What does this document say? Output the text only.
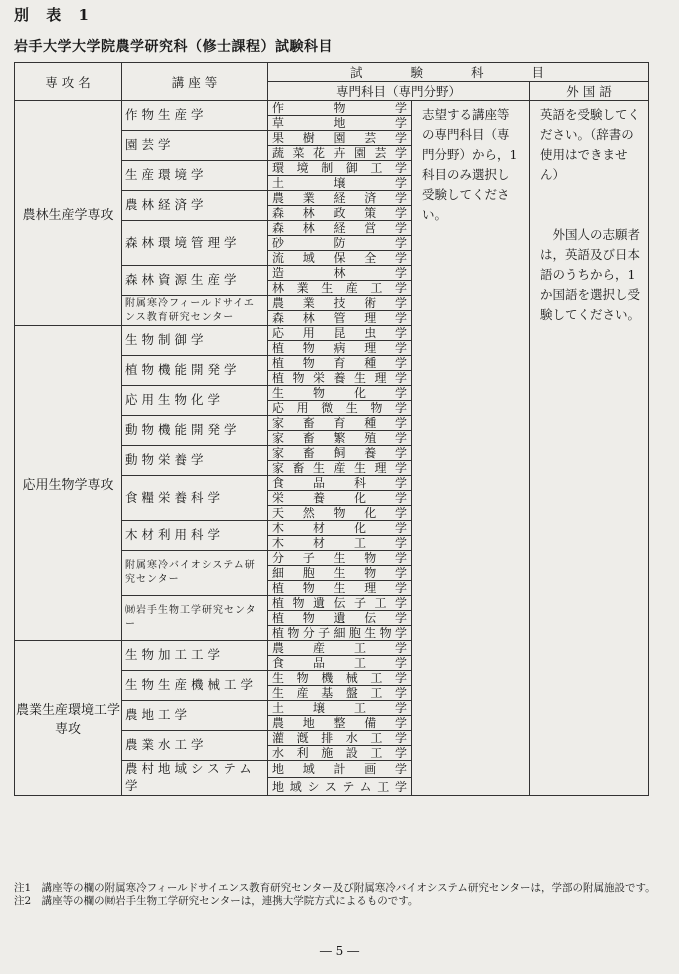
別 表 1
岩手大学大学院農学研究科（修士課程）試験科目
専 攻 名	講 座 等	試 験 科 目		
		専門科目（専門分野）		外 国 語
農林生産学専攻	作物生産学	作物学	志望する講座等の専門科目（専門分野）から，1科目のみ選択し受験してください。	英語を受験してください。（辞書の使用はできません）

外国人の志願者は，英語及び日本語のうちから，1か国語を選択し受験してください。

		草地学		
	園芸学	果樹園芸学		
		蔬菜花卉園芸学		
	生産環境学	環境制御工学		
		土壌学		
	農林経済学	農業経済学		
		森林政策学		
	森林環境管理学	森林経営学		
		砂防学		
		流域保全学		
	森林資源生産学	造林学		
		林業生産工学		
	附属寒冷フィールドサイエンス教育研究センター	農業技術学		
		森林管理学		
応用生物学専攻	生物制御学	応用昆虫学		
		植物病理学		
	植物機能開発学	植物育種学		
		植物栄養生理学		
	応用生物化学	生物化学		
		応用微生物学		
	動物機能開発学	家畜育種学		
		家畜繁殖学		
	動物栄養学	家畜飼養学		
		家畜生産生理学		
	食糧栄養科学	食品科学		
		栄養化学		
		天然物化学		
	木材利用科学	木材化学		
		木材工学		
	附属寒冷バイオシステム研究センター	分子生物学		
		細胞生物学		
		植物生理学		
	㈶岩手生物工学研究センター	植物遺伝子工学		
		植物遺伝学		
		植物分子細胞生物学		
農業生産環境工学専攻	生物加工工学	農産工学		
		食品工学		
	生物生産機械工学	生物機械工学		
		生産基盤工学		
	農地工学	土壌工学		
		農地整備学		
	農業水工学	灌漑排水工学		
		水利施設工学		
	農村地域システム学	地域計画学		
		地域システム工学		
注1　講座等の欄の附属寒冷フィールドサイエンス教育研究センター及び附属寒冷バイオシステム研究センターは，学部の附属施設です。
注2　講座等の欄の㈶岩手生物工学研究センターは，連携大学院方式によるものです。
― 5 ―
